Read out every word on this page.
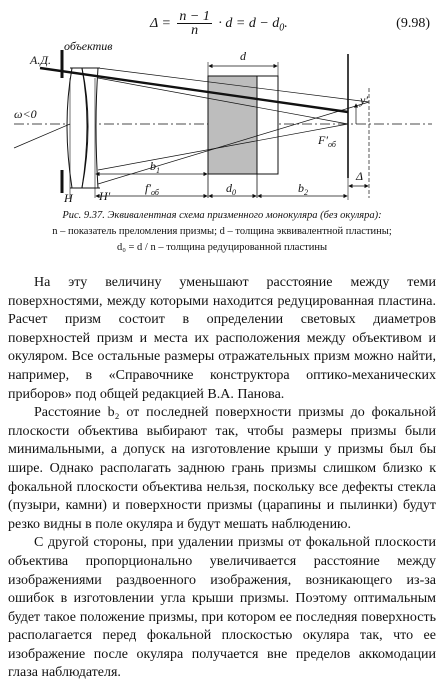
$\Delta = \frac{n - 1}{n} \cdot d = d - d_0$.	(9.98)
объектив
А.Д.
ω<0
d
y′
$F'_{об}$
Δ
H H′
$b_1$
$f'_{об}$	$d_0$	$b_2$
Рис. 9.37. Эквивалентная схема призменного монокуляра (без окуляра):
n – показатель преломления призмы; d – толщина эквивалентной пластины;
d₀ = d / n – толщина редуцированной пластины

На эту величину уменьшают расстояние между теми поверхностями, между которыми находится редуцированная пластина. Расчет призм состоит в определении световых диаметров поверхностей призм и места их расположения между объективом и окуляром. Все остальные размеры отражательных призм можно найти, например, в «Справочнике конструктора оптико-механических приборов» под общей редакцией В.А. Панова.

Расстояние b₂ от последней поверхности призмы до фокальной плоскости объектива выбирают так, чтобы размеры призмы были минимальными, а допуск на изготовление крыши у призмы был бы шире. Однако располагать заднюю грань призмы слишком близко к фокальной плоскости объектива нельзя, поскольку все дефекты стекла (пузыри, камни) и поверхности призмы (царапины и пылинки) будут резко видны в поле окуляра и будут мешать наблюдению.

С другой стороны, при удалении призмы от фокальной плоскости объектива пропорционально увеличивается расстояние между изображениями раздвоенного изображения, возникающего из-за ошибок в изготовлении угла крыши призмы. Поэтому оптимальным будет такое положение призмы, при котором ее последняя поверхность располагается перед фокальной плоскостью окуляра так, что ее изображение после окуляра получается вне пределов аккомодации глаза наблюдателя.
